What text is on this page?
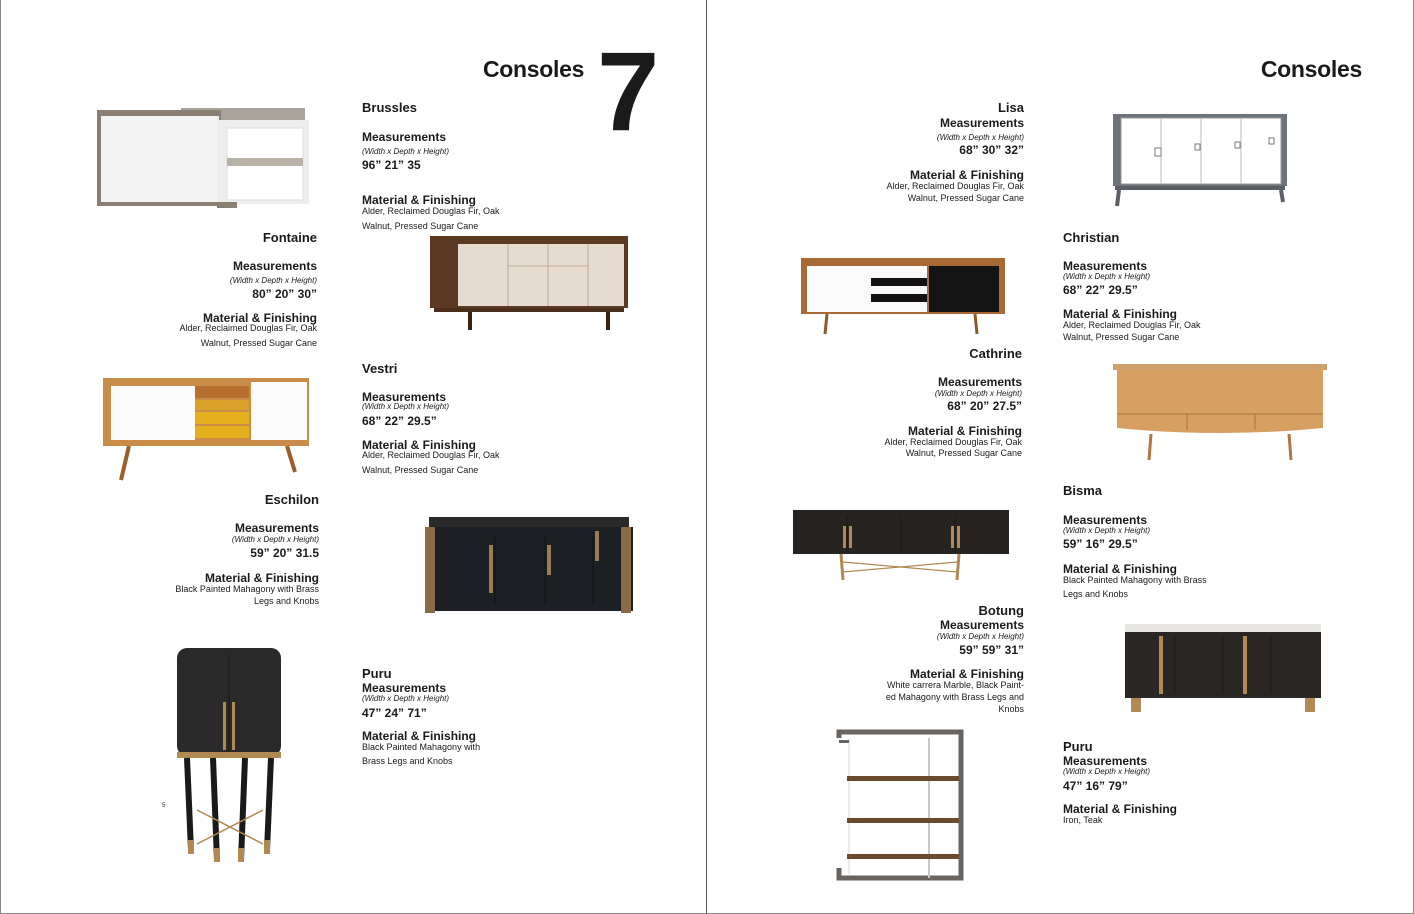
Consoles 7
Brussles
Measurements
(Width x Depth x Height)
96” 21” 35
Material & Finishing
Alder, Reclaimed Douglas Fir, Oak
Walnut, Pressed Sugar Cane
Fontaine
Measurements
(Width x Depth x Height)
80” 20” 30”
Material & Finishing
Alder, Reclaimed Douglas Fir, Oak
Walnut, Pressed Sugar Cane
Vestri
Measurements
(Width x Depth x Height)
68” 22” 29.5”
Material & Finishing
Alder, Reclaimed Douglas Fir, Oak
Walnut, Pressed Sugar Cane
Eschilon
Measurements
(Width x Depth x Height)
59” 20” 31.5
Material & Finishing
Black Painted Mahagony with Brass
Legs and Knobs
5
Puru
Measurements
(Width x Depth x Height)
47” 24” 71”
Material & Finishing
Black Painted Mahagony with
Brass Legs and Knobs
Consoles
Lisa
Measurements
(Width x Depth x Height)
68” 30” 32”
Material & Finishing
Alder, Reclaimed Douglas Fir, Oak
Walnut, Pressed Sugar Cane
Christian
Measurements
(Width x Depth x Height)
68” 22” 29.5”
Material & Finishing
Alder, Reclaimed Douglas Fir, Oak
Walnut, Pressed Sugar Cane
Cathrine
Measurements
(Width x Depth x Height)
68” 20” 27.5”
Material & Finishing
Alder, Reclaimed Douglas Fir, Oak
Walnut, Pressed Sugar Cane
Bisma
Measurements
(Width x Depth x Height)
59” 16” 29.5”
Material & Finishing
Black Painted Mahagony with Brass
Legs and Knobs
Botung
Measurements
(Width x Depth x Height)
59” 59” 31”
Material & Finishing
White carrera Marble, Black Paint-
ed Mahagony with Brass Legs and
Knobs
Puru
Measurements
(Width x Depth x Height)
47” 16” 79”
Material & Finishing
Iron, Teak
